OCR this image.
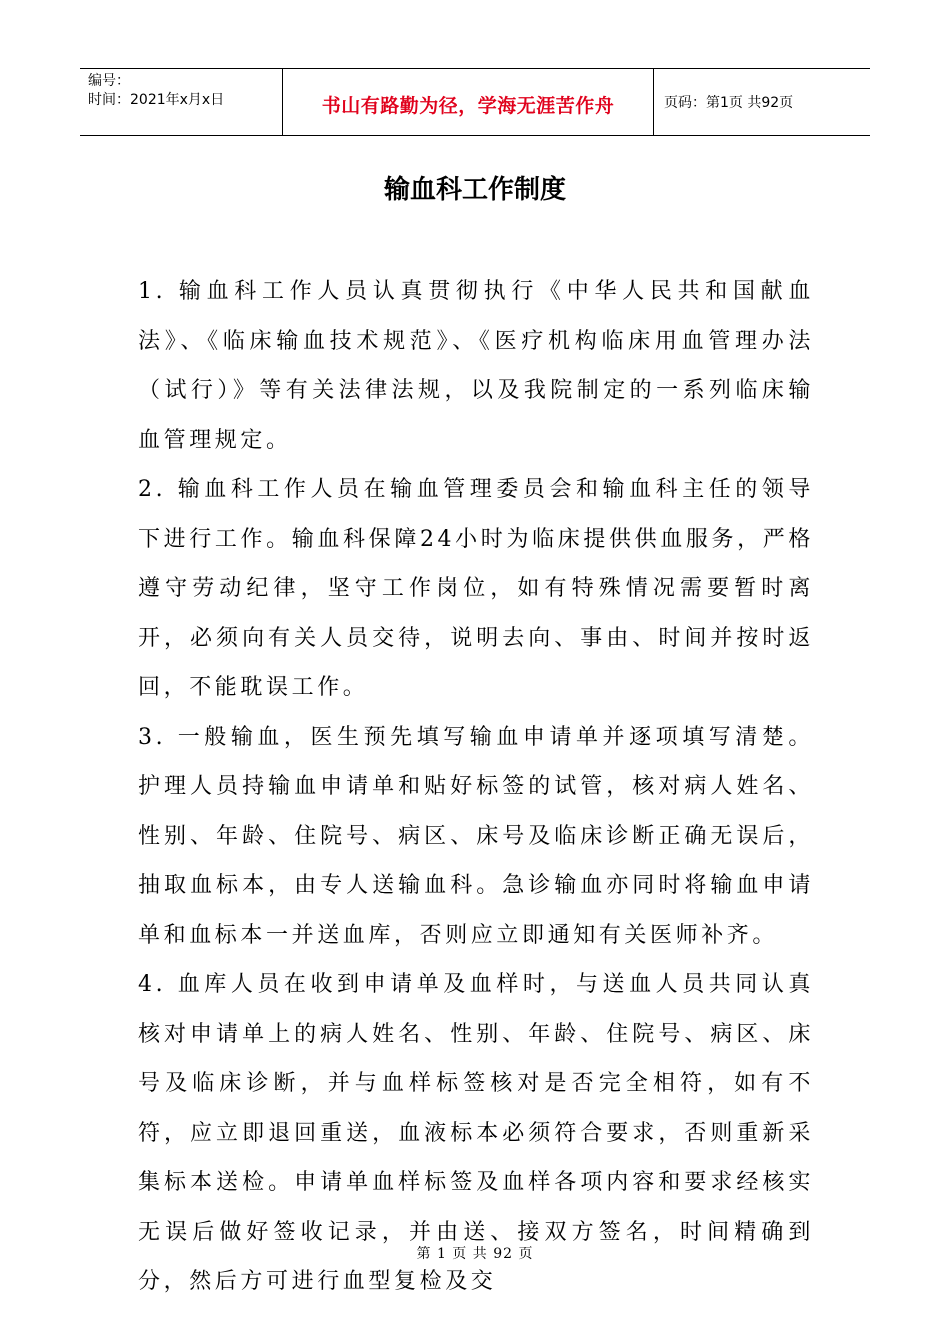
编号：
时间：2021年x月x日	书山有路勤为径，学海无涯苦作舟	页码：第1页 共92页
输血科工作制度

1. 输血科工作人员认真贯彻执行《中华人民共和国献血法》、《临床输血技术规范》、《医疗机构临床用血管理办法（试行）》等有关法律法规，以及我院制定的一系列临床输血管理规定。

2. 输血科工作人员在输血管理委员会和输血科主任的领导下进行工作。输血科保障24小时为临床提供供血服务，严格遵守劳动纪律，坚守工作岗位，如有特殊情况需要暂时离开，必须向有关人员交待，说明去向、事由、时间并按时返回，不能耽误工作。

3. 一般输血，医生预先填写输血申请单并逐项填写清楚。护理人员持输血申请单和贴好标签的试管，核对病人姓名、性别、年龄、住院号、病区、床号及临床诊断正确无误后，抽取血标本，由专人送输血科。急诊输血亦同时将输血申请单和血标本一并送血库，否则应立即通知有关医师补齐。

4. 血库人员在收到申请单及血样时，与送血人员共同认真核对申请单上的病人姓名、性别、年龄、住院号、病区、床号及临床诊断，并与血样标签核对是否完全相符，如有不符，应立即退回重送，血液标本必须符合要求，否则重新采集标本送检。申请单血样标签及血样各项内容和要求经核实无误后做好签收记录，并由送、接双方签名，时间精确到分，然后方可进行血型复检及交

第 1 页 共 92 页
